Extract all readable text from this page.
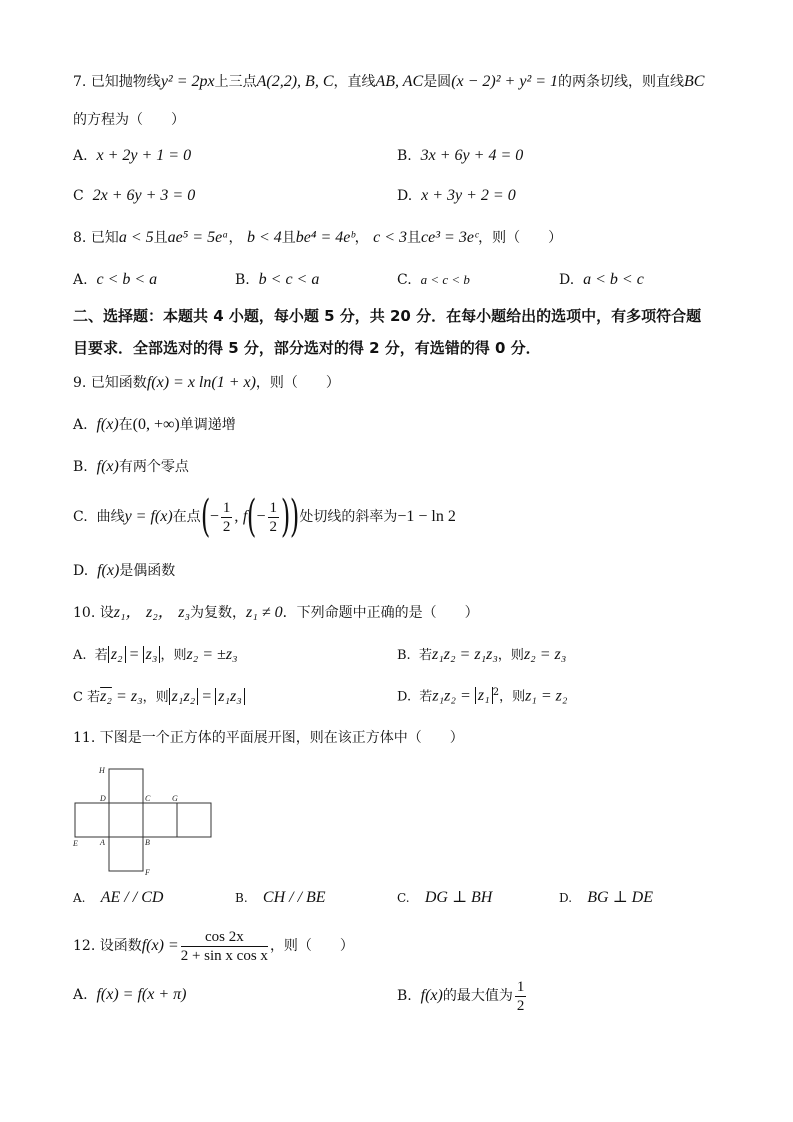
7. 已知抛物线y² = 2px上三点A(2,2), B, C，直线AB, AC是圆(x − 2)² + y² = 1的两条切线，则直线BC
的方程为（　　）
A. x + 2y + 1 = 0	B. 3x + 6y + 4 = 0
C 2x + 6y + 3 = 0	D. x + 3y + 2 = 0
8. 已知a < 5且ae⁵ = 5eᵃ， b < 4且be⁴ = 4eᵇ， c < 3且ce³ = 3eᶜ，则（　　）
A. c < b < a	B. b < c < a	C. a < c < b	D. a < b < c
二、选择题：本题共 4 小题，每小题 5 分，共 20 分．在每小题给出的选项中，有多项符合题
目要求．全部选对的得 5 分，部分选对的得 2 分，有选错的得 0 分．
9. 已知函数f(x) = x ln(1 + x)，则（　　）
A. f(x)在(0, +∞)单调递增
B. f(x)有两个零点
C. 曲线y = f(x)在点(− $\frac{1}{2}$ , $f(- \frac{1}{2}$ ))处切线的斜率为−1 − ln 2
D. f(x)是偶函数
10. 设z₁， z₂， z₃为复数，z₁ ≠ 0．下列命题中正确的是（　　）
A. 若 z₂ = z₃ ，则z₂ = ±z₃	B. 若z₁z₂ = z₁z₃，则z₂ = z₃
C 若z₂ = z₃，则 z₁z₂ = z₁z₃	D. 若z₁z₂ = z₁ $^2$，则z₁ = z₂
11. 下图是一个正方体的平面展开图，则在该正方体中（　　）
H
D	C	G
E	A	B
F
A. AE / / CD	B. CH / / BE	C. DG ⊥ BH	D. BG ⊥ DE
12. 设函数$f(x) = \frac{\cos 2x}{\text{2 + sin x cos x}}$ ，则（　　）
A. f(x) = f(x + π)	B. f(x)的最大值为 $\frac{1}{2}$
